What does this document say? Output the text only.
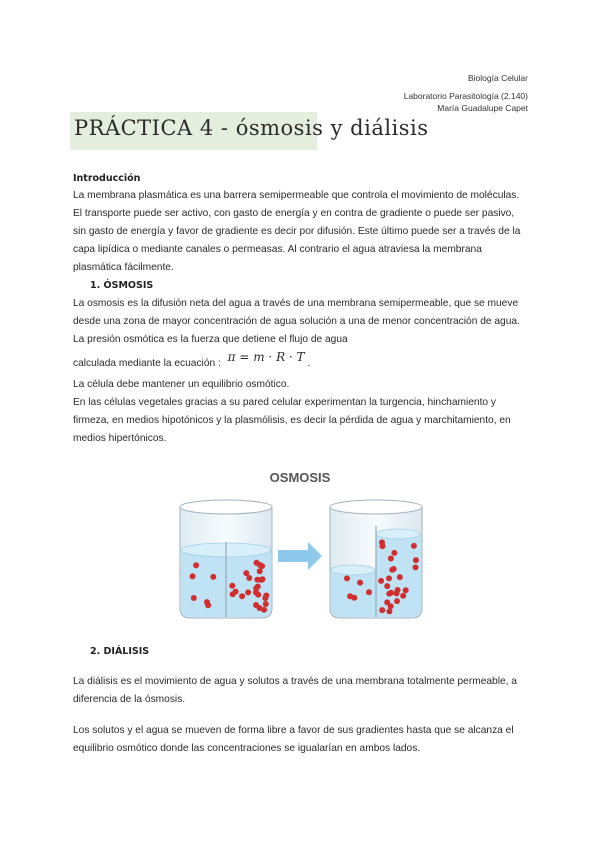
Biología Celular
Laboratorio Parasitología (2.140)
María Guadalupe Capet
PRÁCTICA 4 - ósmosis y diálisis
Introducción

La membrana plasmática es una barrera semipermeable que controla el movimiento de moléculas. El transporte puede ser activo, con gasto de energía y en contra de gradiente o puede ser pasivo, sin gasto de energía y favor de gradiente es decir por difusión. Este último puede ser a través de la capa lipídica o mediante canales o permeasas. Al contrario el agua atraviesa la membrana plasmática fácilmente.

1. ÓSMOSIS

La osmosis es la difusión neta del agua a través de una membrana semipermeable, que se mueve desde una zona de mayor concentración de agua solución a una de menor concentración de agua. La presión osmótica es la fuerza que detiene el flujo de agua

calculada mediante la ecuación : π = m · R · T .

La célula debe mantener un equilibrio osmótico.

En las células vegetales gracias a su pared celular experimentan la turgencia, hinchamiento y firmeza, en medios hipotónicos y la plasmólisis, es decir la pérdida de agua y marchitamiento, en medios hipertónicos.

OSMOSIS
2. DIÁLISIS

La diálisis es el movimiento de agua y solutos a través de una membrana totalmente permeable, a diferencia de la ósmosis.

Los solutos y el agua se mueven de forma libre a favor de sus gradientes hasta que se alcanza el equilibrio osmótico donde las concentraciones se igualarían en ambos lados.
